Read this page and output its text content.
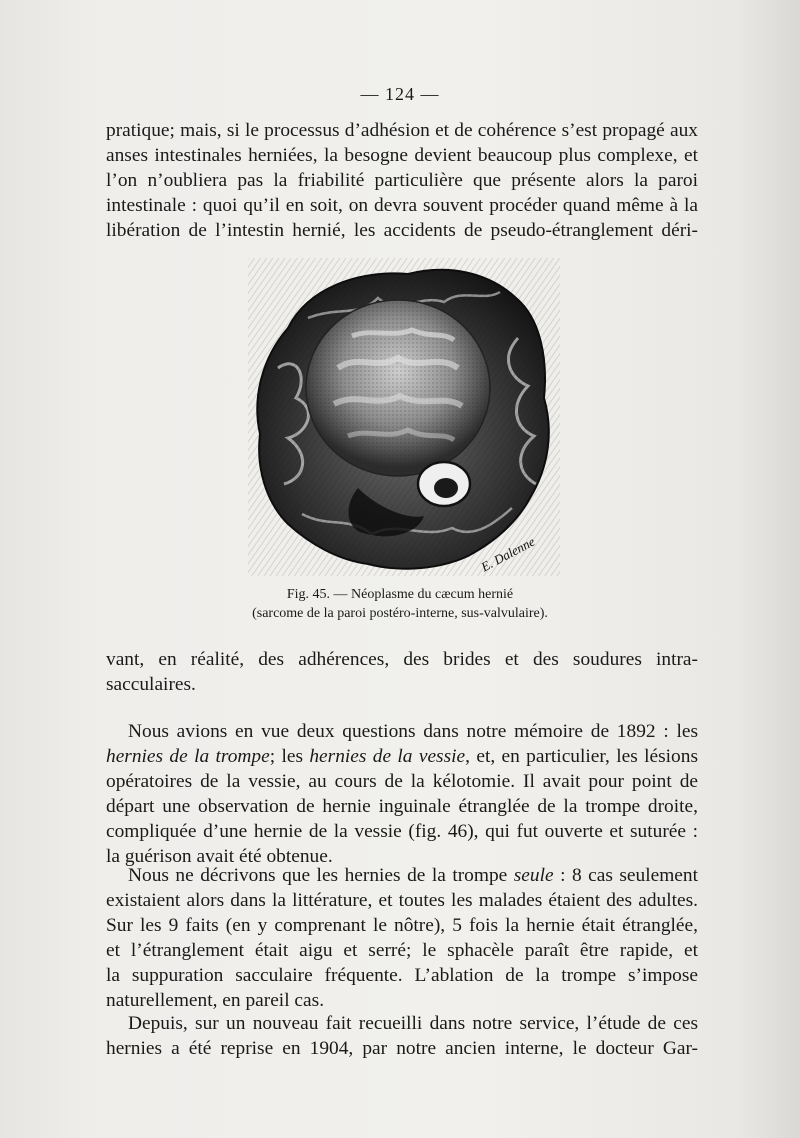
— 124 —
pratique; mais, si le processus d’adhésion et de cohérence s’est propagé aux
anses intestinales herniées, la besogne devient beaucoup plus complexe, et
l’on n’oubliera pas la friabilité particulière que présente alors la paroi
intestinale : quoi qu’il en soit, on devra souvent procéder quand même à la
libération de l’intestin hernié, les accidents de pseudo-étranglement déri-
E. Dalenne
Fig. 45. — Néoplasme du cæcum hernié
(sarcome de la paroi postéro-interne, sus-valvulaire).
vant, en réalité, des adhérences, des brides et des soudures intra-
sacculaires.
Nous avions en vue deux questions dans notre mémoire de 1892 : les
hernies de la trompe; les hernies de la vessie, et, en particulier, les lésions
opératoires de la vessie, au cours de la kélotomie. Il avait pour point de
départ une observation de hernie inguinale étranglée de la trompe droite,
compliquée d’une hernie de la vessie (fig. 46), qui fut ouverte et suturée :
la guérison avait été obtenue.
Nous ne décrivons que les hernies de la trompe seule : 8 cas seulement
existaient alors dans la littérature, et toutes les malades étaient des adultes.
Sur les 9 faits (en y comprenant le nôtre), 5 fois la hernie était étranglée,
et l’étranglement était aigu et serré; le sphacèle paraît être rapide, et
la suppuration sacculaire fréquente. L’ablation de la trompe s’impose
naturellement, en pareil cas.
Depuis, sur un nouveau fait recueilli dans notre service, l’étude de ces
hernies a été reprise en 1904, par notre ancien interne, le docteur Gar-
